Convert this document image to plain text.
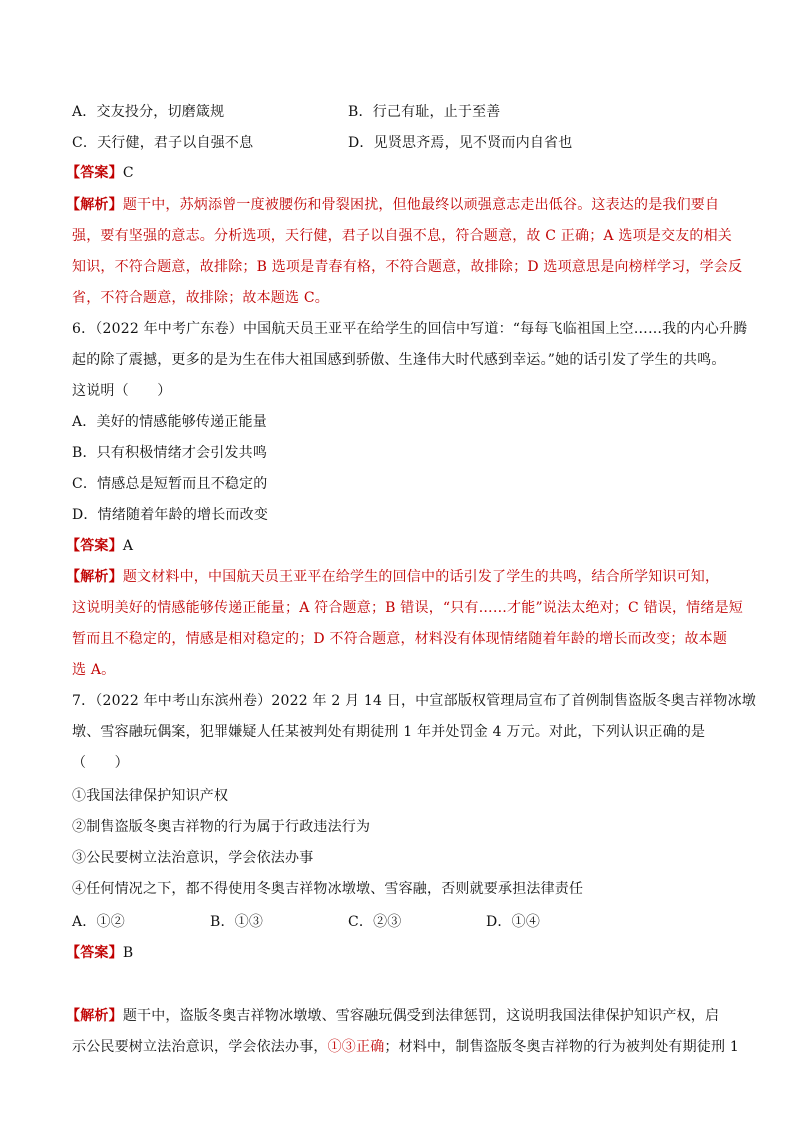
A．交友投分，切磨箴规	B．行己有耻，止于至善
C．天行健，君子以自强不息	D．见贤思齐焉，见不贤而内自省也
【答案】C
【解析】题干中，苏炳添曾一度被腰伤和骨裂困扰，但他最终以顽强意志走出低谷。这表达的是我们要自
强，要有坚强的意志。分析选项，天行健，君子以自强不息，符合题意，故 C 正确；A 选项是交友的相关
知识，不符合题意，故排除；B 选项是青春有格，不符合题意，故排除；D 选项意思是向榜样学习，学会反
省，不符合题意，故排除；故本题选 C。
6．（2022 年中考广东卷）中国航天员王亚平在给学生的回信中写道：“每每飞临祖国上空……我的内心升腾
起的除了震撼，更多的是为生在伟大祖国感到骄傲、生逢伟大时代感到幸运。”她的话引发了学生的共鸣。
这说明（　　）
A．美好的情感能够传递正能量
B．只有积极情绪才会引发共鸣
C．情感总是短暂而且不稳定的
D．情绪随着年龄的增长而改变
【答案】A
【解析】题文材料中，中国航天员王亚平在给学生的回信中的话引发了学生的共鸣，结合所学知识可知，
这说明美好的情感能够传递正能量；A 符合题意；B 错误，“只有……才能”说法太绝对；C 错误，情绪是短
暂而且不稳定的，情感是相对稳定的；D 不符合题意，材料没有体现情绪随着年龄的增长而改变；故本题
选 A。
7．（2022 年中考山东滨州卷）2022 年 2 月 14 日，中宣部版权管理局宣布了首例制售盗版冬奥吉祥物冰墩
墩、雪容融玩偶案，犯罪嫌疑人任某被判处有期徒刑 1 年并处罚金 4 万元。对此，下列认识正确的是
（　　）
①我国法律保护知识产权
②制售盗版冬奥吉祥物的行为属于行政违法行为
③公民要树立法治意识，学会依法办事
④任何情况之下，都不得使用冬奥吉祥物冰墩墩、雪容融，否则就要承担法律责任
A．①②	B．①③	C．②③	D．①④
【答案】B
【解析】题干中，盗版冬奥吉祥物冰墩墩、雪容融玩偶受到法律惩罚，这说明我国法律保护知识产权，启
示公民要树立法治意识，学会依法办事，①③正确；材料中，制售盗版冬奥吉祥物的行为被判处有期徒刑 1
